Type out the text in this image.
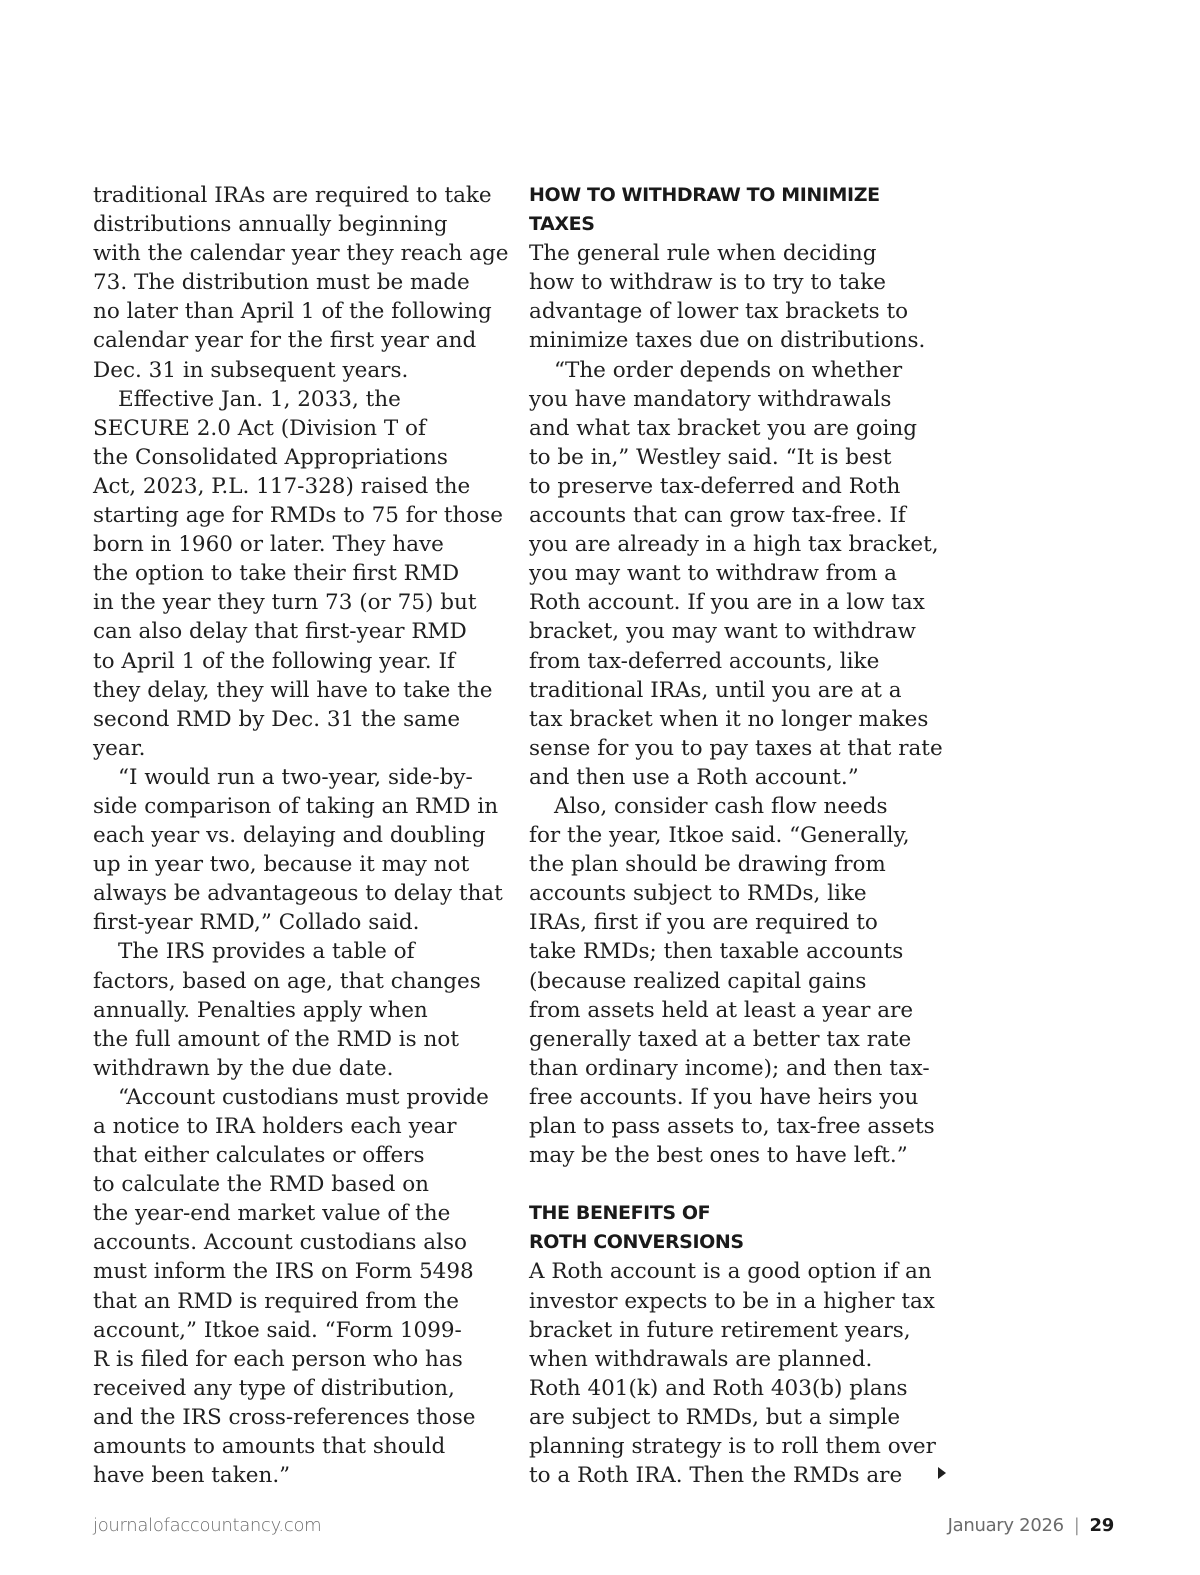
traditional IRAs are required to take
distributions annually beginning
with the calendar year they reach age
73. The distribution must be made
no later than April 1 of the following
calendar year for the first year and
Dec. 31 in subsequent years.
Effective Jan. 1, 2033, the
SECURE 2.0 Act (Division T of
the Consolidated Appropriations
Act, 2023, P.L. 117-328) raised the
starting age for RMDs to 75 for those
born in 1960 or later. They have
the option to take their first RMD
in the year they turn 73 (or 75) but
can also delay that first-year RMD
to April 1 of the following year. If
they delay, they will have to take the
second RMD by Dec. 31 the same
year.
“I would run a two-year, side-by-
side comparison of taking an RMD in
each year vs. delaying and doubling
up in year two, because it may not
always be advantageous to delay that
first-year RMD,” Collado said.
The IRS provides a table of
factors, based on age, that changes
annually. Penalties apply when
the full amount of the RMD is not
withdrawn by the due date.
“Account custodians must provide
a notice to IRA holders each year
that either calculates or offers
to calculate the RMD based on
the year-end market value of the
accounts. Account custodians also
must inform the IRS on Form 5498
that an RMD is required from the
account,” Itkoe said. “Form 1099-
R is filed for each person who has
received any type of distribution,
and the IRS cross-references those
amounts to amounts that should
have been taken.”
HOW TO WITHDRAW TO MINIMIZE
TAXES
The general rule when deciding
how to withdraw is to try to take
advantage of lower tax brackets to
minimize taxes due on distributions.
“The order depends on whether
you have mandatory withdrawals
and what tax bracket you are going
to be in,” Westley said. “It is best
to preserve tax-deferred and Roth
accounts that can grow tax-free. If
you are already in a high tax bracket,
you may want to withdraw from a
Roth account. If you are in a low tax
bracket, you may want to withdraw
from tax-deferred accounts, like
traditional IRAs, until you are at a
tax bracket when it no longer makes
sense for you to pay taxes at that rate
and then use a Roth account.”
Also, consider cash flow needs
for the year, Itkoe said. “Generally,
the plan should be drawing from
accounts subject to RMDs, like
IRAs, first if you are required to
take RMDs; then taxable accounts
(because realized capital gains
from assets held at least a year are
generally taxed at a better tax rate
than ordinary income); and then tax-
free accounts. If you have heirs you
plan to pass assets to, tax-free assets
may be the best ones to have left.”
THE BENEFITS OF
ROTH CONVERSIONS
A Roth account is a good option if an
investor expects to be in a higher tax
bracket in future retirement years,
when withdrawals are planned.
Roth 401(k) and Roth 403(b) plans
are subject to RMDs, but a simple
planning strategy is to roll them over
to a Roth IRA. Then the RMDs are
journalofaccountancy.com	January 2026 | 29
